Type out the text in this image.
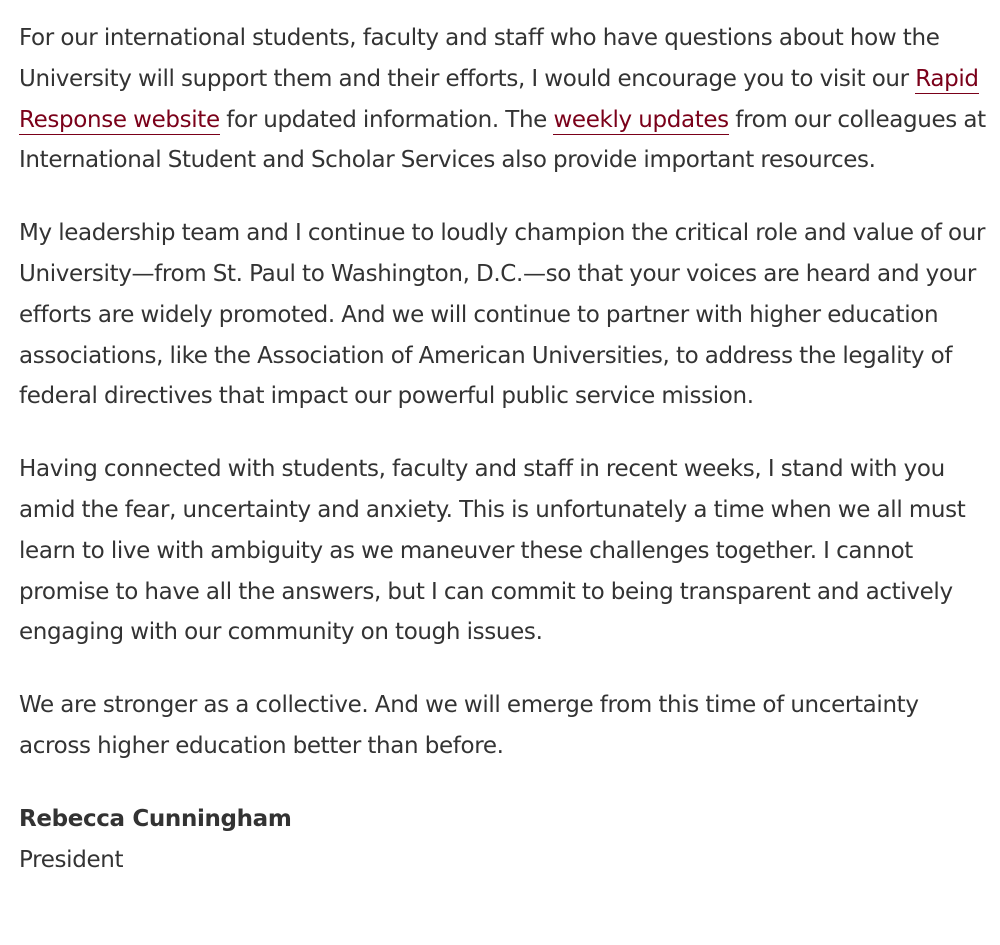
For our international students, faculty and staff who have questions about how the University will support them and their efforts, I would encourage you to visit our Rapid Response website for updated information. The weekly updates from our colleagues at International Student and Scholar Services also provide important resources.

My leadership team and I continue to loudly champion the critical role and value of our University—from St. Paul to Washington, D.C.—so that your voices are heard and your efforts are widely promoted. And we will continue to partner with higher education associations, like the Association of American Universities, to address the legality of federal directives that impact our powerful public service mission.

Having connected with students, faculty and staff in recent weeks, I stand with you amid the fear, uncertainty and anxiety. This is unfortunately a time when we all must learn to live with ambiguity as we maneuver these challenges together. I cannot promise to have all the answers, but I can commit to being transparent and actively engaging with our community on tough issues.

We are stronger as a collective. And we will emerge from this time of uncertainty across higher education better than before.

Rebecca Cunningham
President
